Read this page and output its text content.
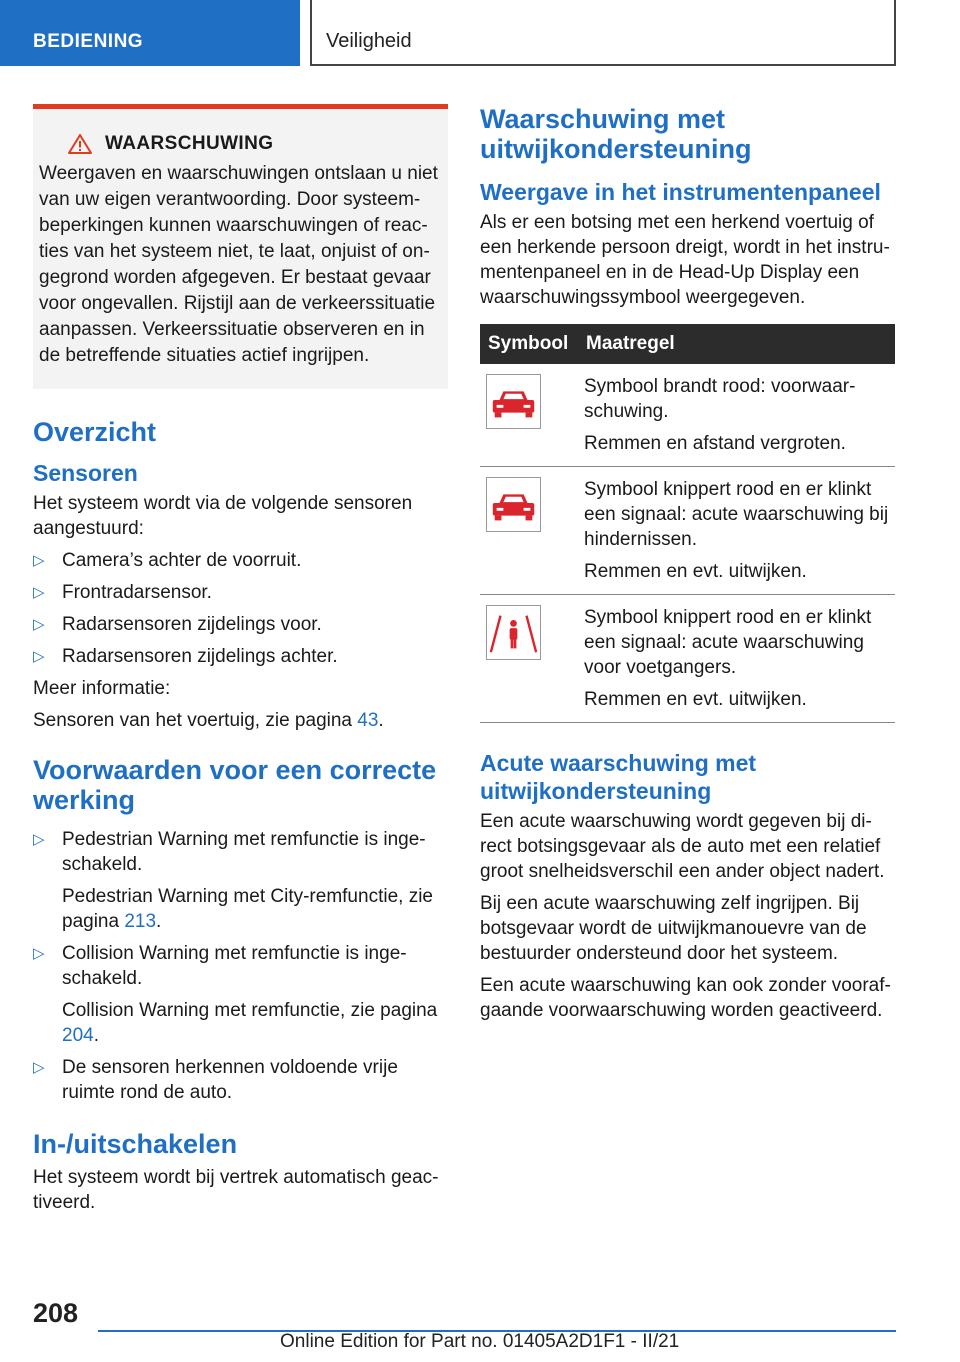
BEDIENING	Veiligheid
WAARSCHUWING
Weergaven en waarschuwingen ontslaan u niet van uw eigen verantwoording. Door systeembeperkingen kunnen waarschuwingen of reacties van het systeem niet, te laat, onjuist of ongegrond worden afgegeven. Er bestaat gevaar voor ongevallen. Rijstijl aan de verkeerssituatie aanpassen. Verkeerssituatie observeren en in de betreffende situaties actief ingrijpen.
Overzicht
Sensoren

Het systeem wordt via de volgende sensoren aangestuurd:

▷ Camera’s achter de voorruit.
▷ Frontradarsensor.
▷ Radarsensoren zijdelings voor.
▷ Radarsensoren zijdelings achter.

Meer informatie:

Sensoren van het voertuig, zie pagina 43.

Voorwaarden voor een correcte werking
▷ Pedestrian Warning met remfunctie is ingeschakeld.
Pedestrian Warning met City-remfunctie, zie pagina 213.
▷ Collision Warning met remfunctie is ingeschakeld.
Collision Warning met remfunctie, zie pagina 204.
▷ De sensoren herkennen voldoende vrije ruimte rond de auto.
In-/uitschakelen

Het systeem wordt bij vertrek automatisch geactiveerd.

Waarschuwing met uitwijkondersteuning
Weergave in het instrumentenpaneel

Als er een botsing met een herkend voertuig of een herkende persoon dreigt, wordt in het instrumentenpaneel en in de Head-Up Display een waarschuwingssymbool weergegeven.

Symbool	Maatregel

Symbool brandt rood: voorwaarschuwing.

Remmen en afstand vergroten.

Symbool knippert rood en er klinkt een signaal: acute waarschuwing bij hindernissen.

Remmen en evt. uitwijken.

Symbool knippert rood en er klinkt een signaal: acute waarschuwing voor voetgangers.

Remmen en evt. uitwijken.

Acute waarschuwing met uitwijkondersteuning

Een acute waarschuwing wordt gegeven bij direct botsingsgevaar als de auto met een relatief groot snelheidsverschil een ander object nadert.

Bij een acute waarschuwing zelf ingrijpen. Bij botsgevaar wordt de uitwijkmanouevre van de bestuurder ondersteund door het systeem.

Een acute waarschuwing kan ook zonder voorafgaande voorwaarschuwing worden geactiveerd.

208
Online Edition for Part no. 01405A2D1F1 - II/21
